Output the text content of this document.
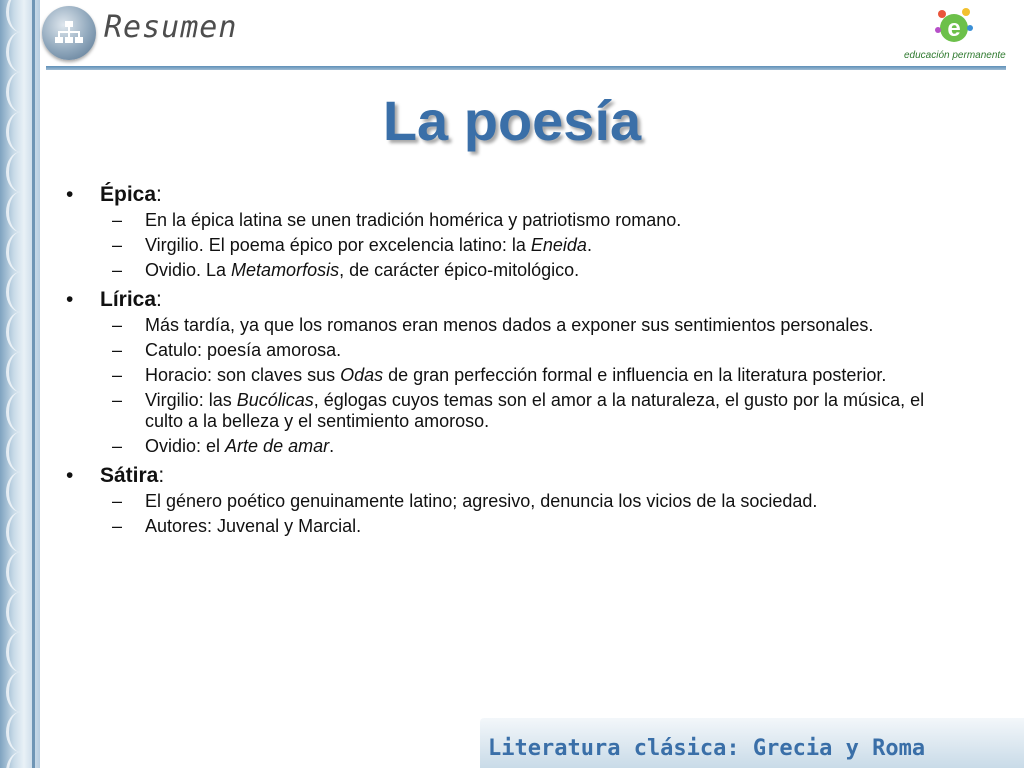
Resumen	e
educación permanente
La poesía
• Épica:
– En la épica latina se unen tradición homérica y patriotismo romano.
– Virgilio. El poema épico por excelencia latino: la Eneida.
– Ovidio. La Metamorfosis, de carácter épico-mitológico.
• Lírica:
– Más tardía, ya que los romanos eran menos dados a exponer sus sentimientos personales.
– Catulo: poesía amorosa.
– Horacio: son claves sus Odas de gran perfección formal e influencia en la literatura posterior.
– Virgilio: las Bucólicas, églogas cuyos temas son el amor a la naturaleza, el gusto por la música, el culto a la belleza y el sentimiento amoroso.
– Ovidio: el Arte de amar.
• Sátira:
– El género poético genuinamente latino; agresivo, denuncia los vicios de la sociedad.
– Autores: Juvenal y Marcial.
Literatura clásica: Grecia y Roma
